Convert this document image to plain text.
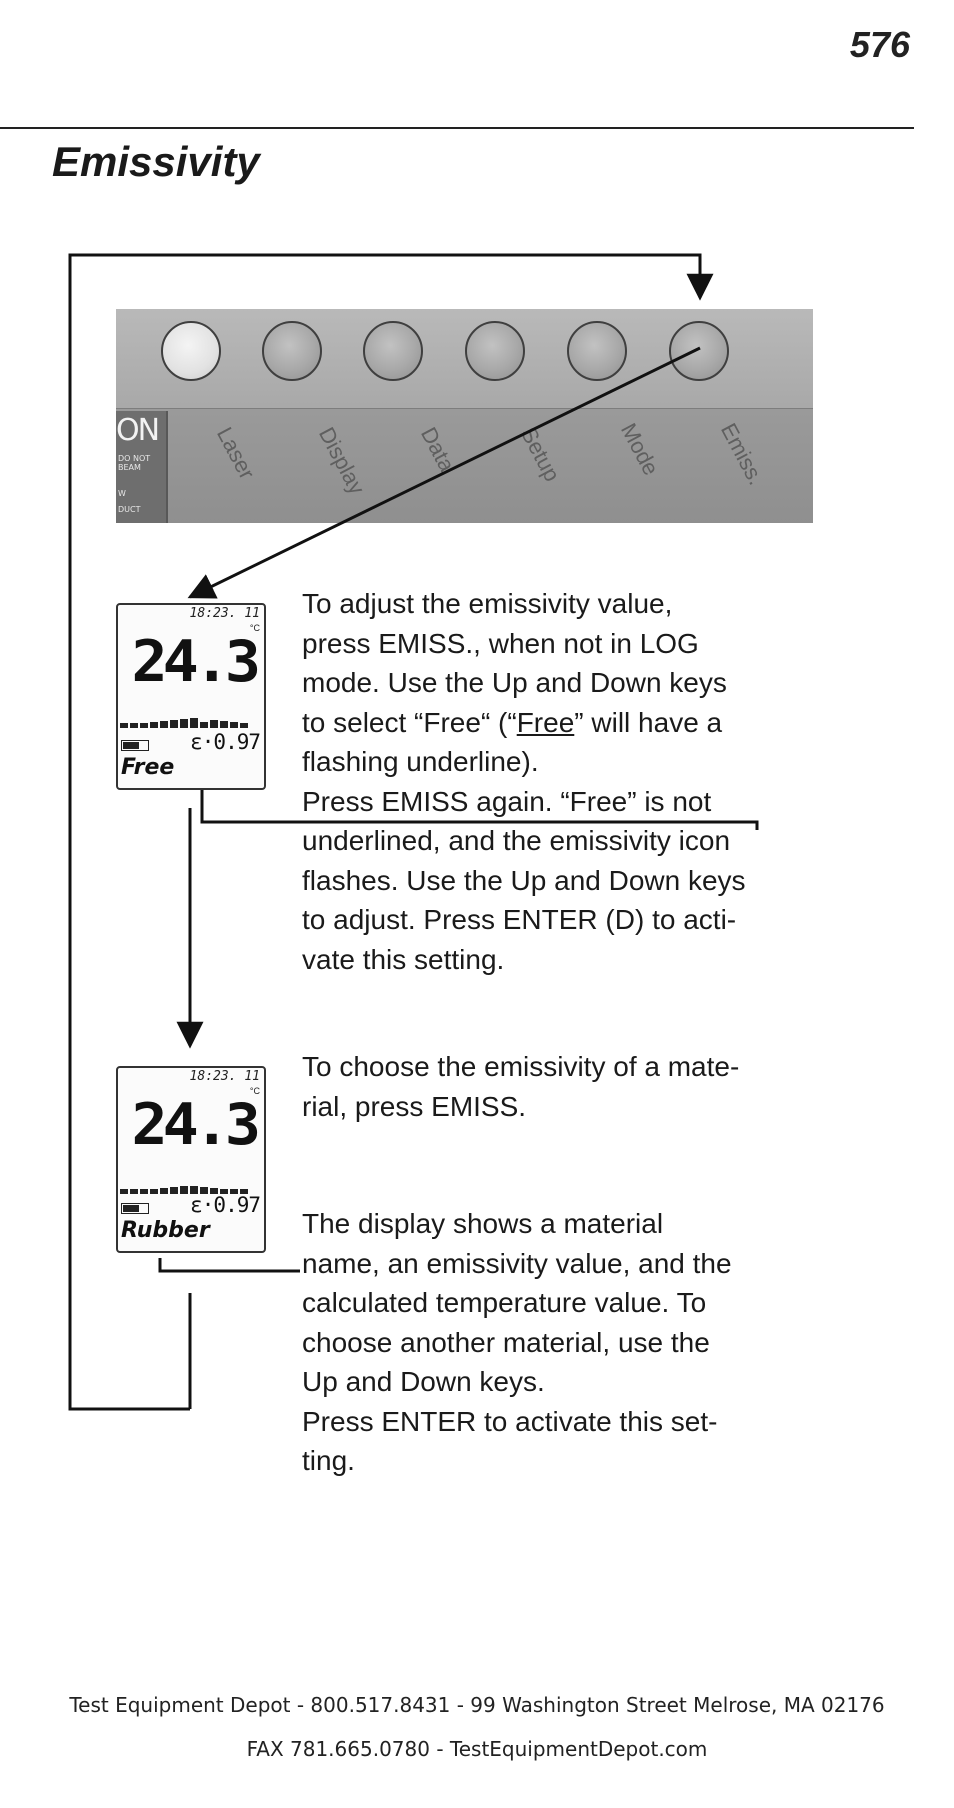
576
Emissivity
ON
DO NOT
BEAM
W
DUCT
Laser Display Data	Setup Mode Emiss.
18:23. 11
°C
24.3
ε·0.97
Free
18:23. 11
°C
24.3
ε·0.97
Rubber
To adjust the emissivity value,
press EMISS., when not in LOG
mode. Use the Up and Down keys
to select “Free“ (“Free” will have a
flashing underline).
Press EMISS again. “Free” is not
underlined, and the emissivity icon
flashes. Use the Up and Down keys
to adjust. Press ENTER (D) to acti-
vate this setting.
To choose the emissivity of a mate-
rial, press EMISS.
The display shows a material
name, an emissivity value, and the
calculated temperature value. To
choose another material, use the
Up and Down keys.
Press ENTER to activate this set-
ting.
Test Equipment Depot - 800.517.8431 - 99 Washington Street Melrose, MA 02176
FAX 781.665.0780 - TestEquipmentDepot.com
